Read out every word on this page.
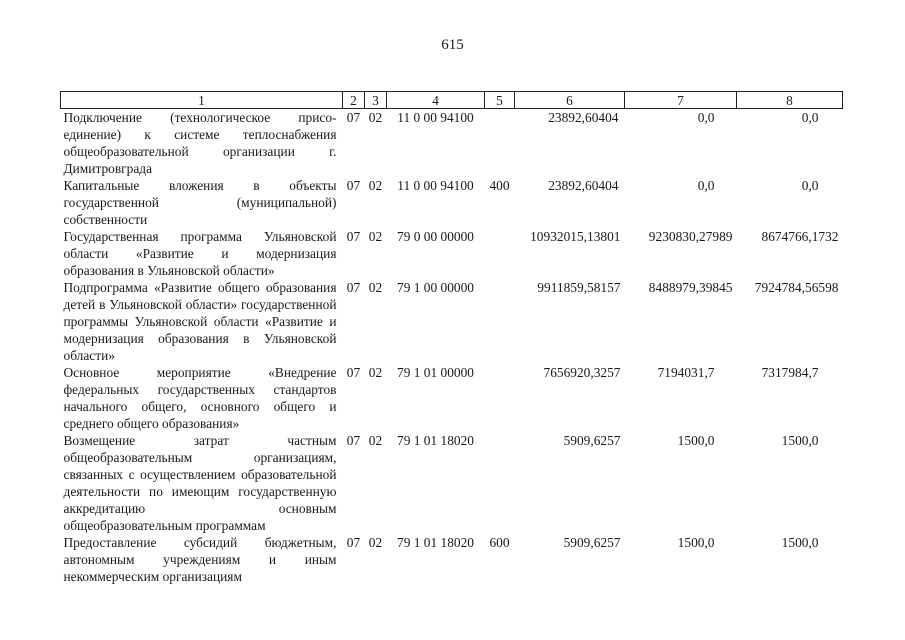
615
1	2	3	4	5	6	7	8
Подключение (технологическое присо-единение) к системе теплоснабжения общеобразовательной организации г. Димитровграда	07	02	11 0 00 94100		23892,60404	0,0	0,0
Капитальные вложения в объекты государственной (муниципальной) собственности	07	02	11 0 00 94100	400	23892,60404	0,0	0,0
Государственная программа Ульяновской области «Развитие и модернизация образования в Ульяновской области»	07	02	79 0 00 00000		10932015,13801	9230830,27989	8674766,1732
Подпрограмма «Развитие общего образования детей в Ульяновской области» государственной программы Ульяновской области «Развитие и модернизация образования в Ульяновской области»	07	02	79 1 00 00000		9911859,58157	8488979,39845	7924784,56598
Основное мероприятие «Внедрение федеральных государственных стандартов начального общего, основного общего и среднего общего образования»	07	02	79 1 01 00000		7656920,3257	7194031,7	7317984,7
Возмещение затрат частным общеобразовательным организациям, связанных с осуществлением образовательной деятельности по имеющим государственную аккредитацию основным общеобразовательным программам	07	02	79 1 01 18020		5909,6257	1500,0	1500,0
Предоставление субсидий бюджетным, автономным учреждениям и иным некоммерческим организациям	07	02	79 1 01 18020	600	5909,6257	1500,0	1500,0
